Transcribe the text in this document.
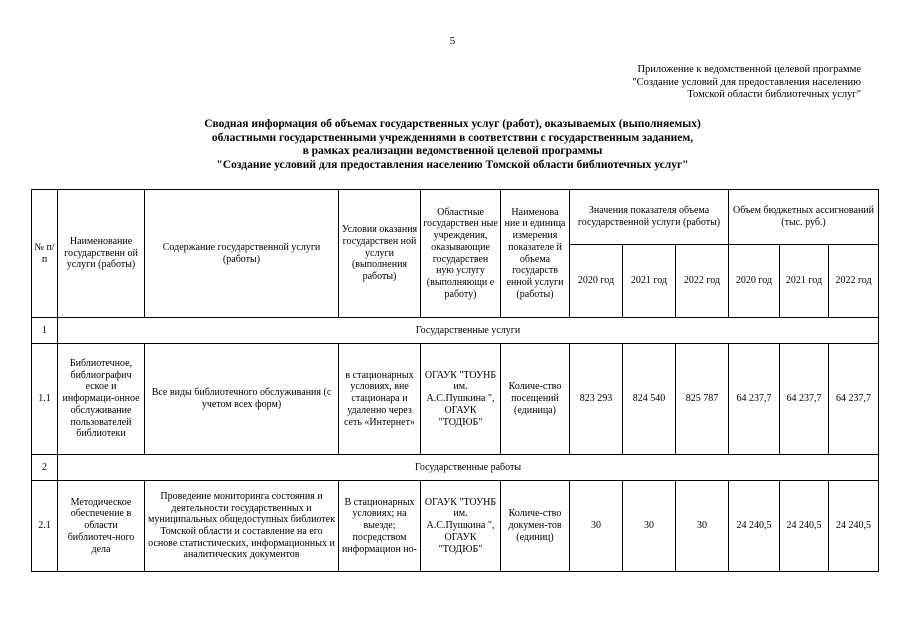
5
Приложение к ведомственной целевой программе
"Создание условий для предоставления населению
Томской области библиотечных услуг"
Сводная информация об объемах государственных услуг (работ), оказываемых (выполняемых)
областными государственными учреждениями в соответствии с государственным заданием,
в рамках реализации ведомственной целевой программы
"Создание условий для предоставления населению Томской области библиотечных услуг"
№ п/п	Наименование государственн ой услуги (работы)	Содержание государственной услуги (работы)	Условия оказания государствен ной услуги (выполнения работы)	Областные государствен ные учреждения, оказывающие государствен ную услугу (выполняющи е работу)	Наименова ние и единица измерения показателе й объема государств енной услуги (работы)	Значения показателя объема государственной услуги (работы)			Объем бюджетных ассигнований (тыс. руб.)		
						2020 год	2021 год	2022 год	2020 год	2021 год	2022 год
1	Государственные услуги										
1.1	Библиотечное, библиографич еское и информаци-онное обслуживание пользователей библиотеки	Все виды библиотечного обслуживания (с учетом всех форм)	в стационарных условиях, вне стационара и удаленно через сеть «Интернет»	ОГАУК "ТОУНБ им. А.С.Пушкина ", ОГАУК "ТОДЮБ"	Количе-ство посещений (единица)	823 293	824 540	825 787	64 237,7	64 237,7	64 237,7
2	Государственные работы										
2.1	Методическое обеспечение в области библиотеч-ного дела	Проведение мониторинга состояния и деятельности государственных и муниципальных общедоступных библиотек Томской области и составление на его основе статистических, информационных и аналитических документов	В стационарных условиях; на выезде; посредством информацион но-	ОГАУК "ТОУНБ им. А.С.Пушкина ", ОГАУК "ТОДЮБ"	Количе-ство докумен-тов (единиц)	30	30	30	24 240,5	24 240,5	24 240,5
